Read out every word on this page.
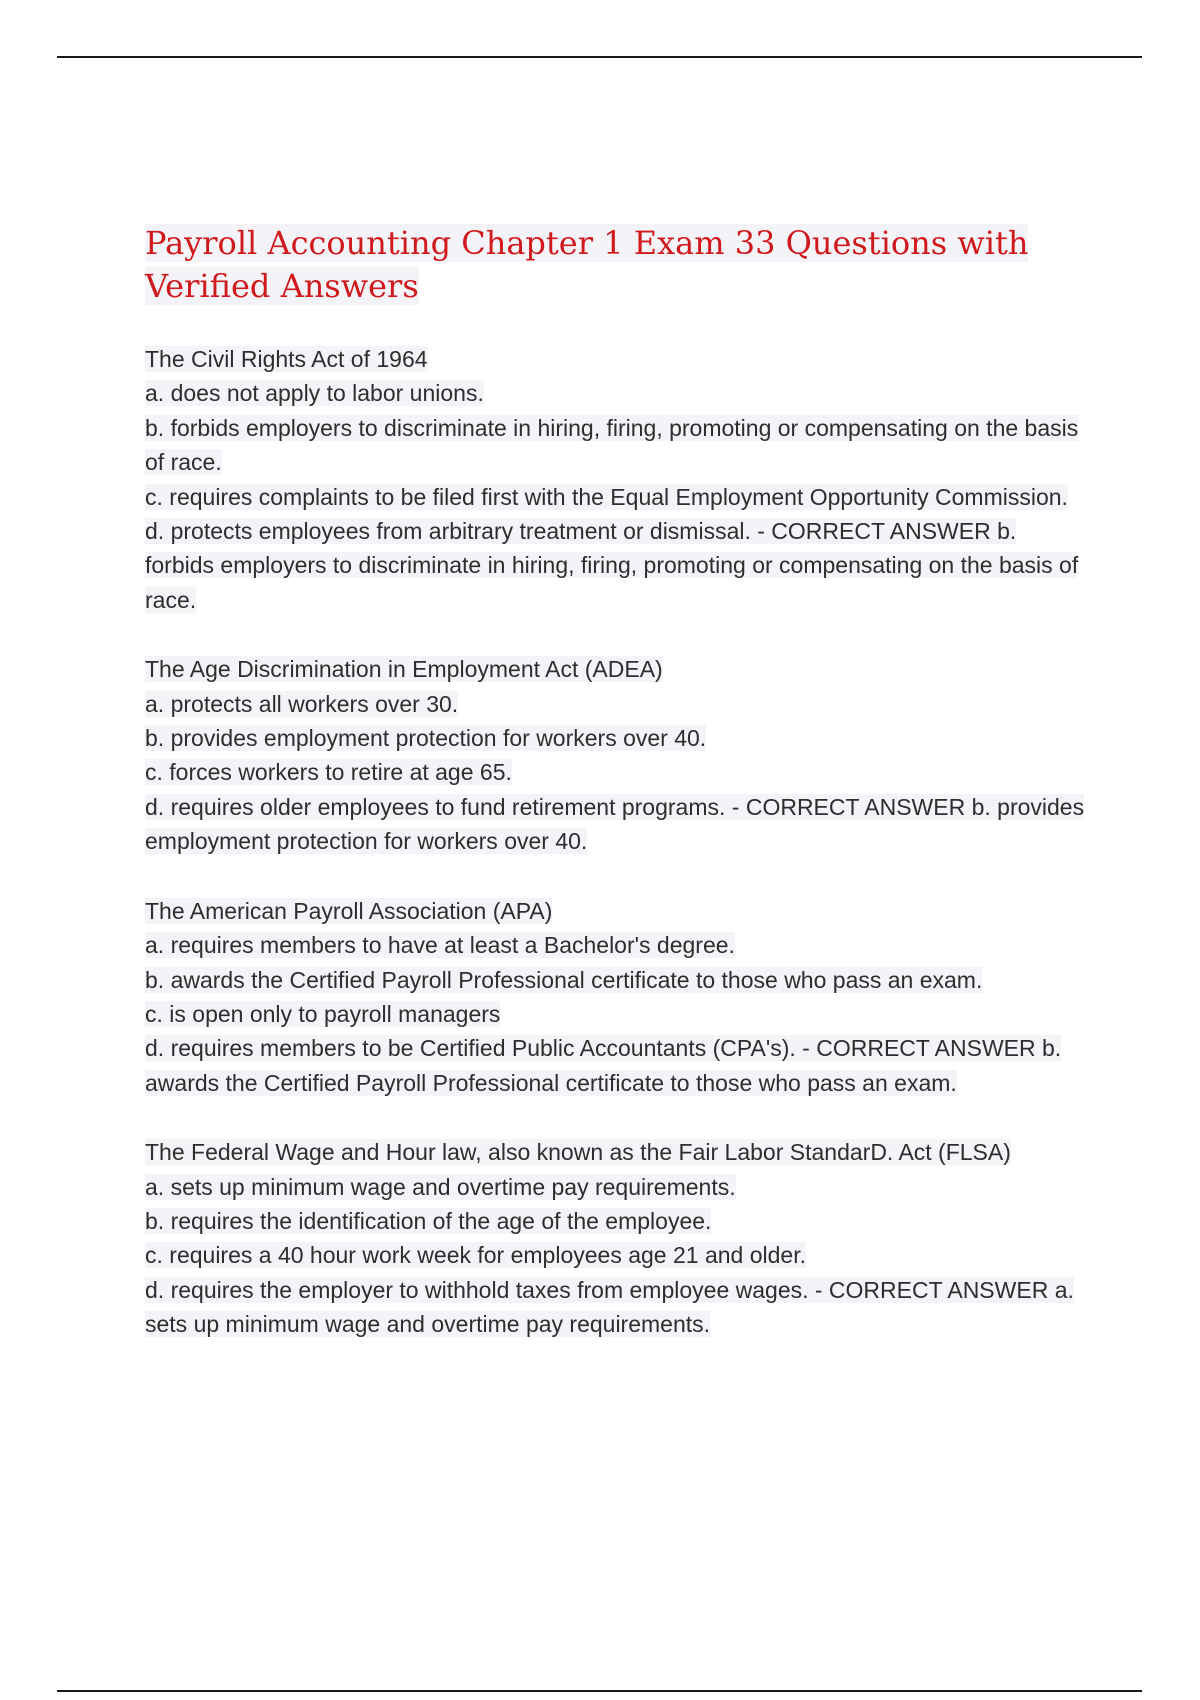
Payroll Accounting Chapter 1 Exam 33 Questions with Verified Answers

The Civil Rights Act of 1964

a. does not apply to labor unions.

b. forbids employers to discriminate in hiring, firing, promoting or compensating on the basis of race.

c. requires complaints to be filed first with the Equal Employment Opportunity Commission.

d. protects employees from arbitrary treatment or dismissal. - CORRECT ANSWER b. forbids employers to discriminate in hiring, firing, promoting or compensating on the basis of race.

The Age Discrimination in Employment Act (ADEA)

a. protects all workers over 30.

b. provides employment protection for workers over 40.

c. forces workers to retire at age 65.

d. requires older employees to fund retirement programs. - CORRECT ANSWER b. provides employment protection for workers over 40.

The American Payroll Association (APA)

a. requires members to have at least a Bachelor's degree.

b. awards the Certified Payroll Professional certificate to those who pass an exam.

c. is open only to payroll managers

d. requires members to be Certified Public Accountants (CPA's). - CORRECT ANSWER b. awards the Certified Payroll Professional certificate to those who pass an exam.

The Federal Wage and Hour law, also known as the Fair Labor StandarD. Act (FLSA)

a. sets up minimum wage and overtime pay requirements.

b. requires the identification of the age of the employee.

c. requires a 40 hour work week for employees age 21 and older.

d. requires the employer to withhold taxes from employee wages. - CORRECT ANSWER a. sets up minimum wage and overtime pay requirements.
